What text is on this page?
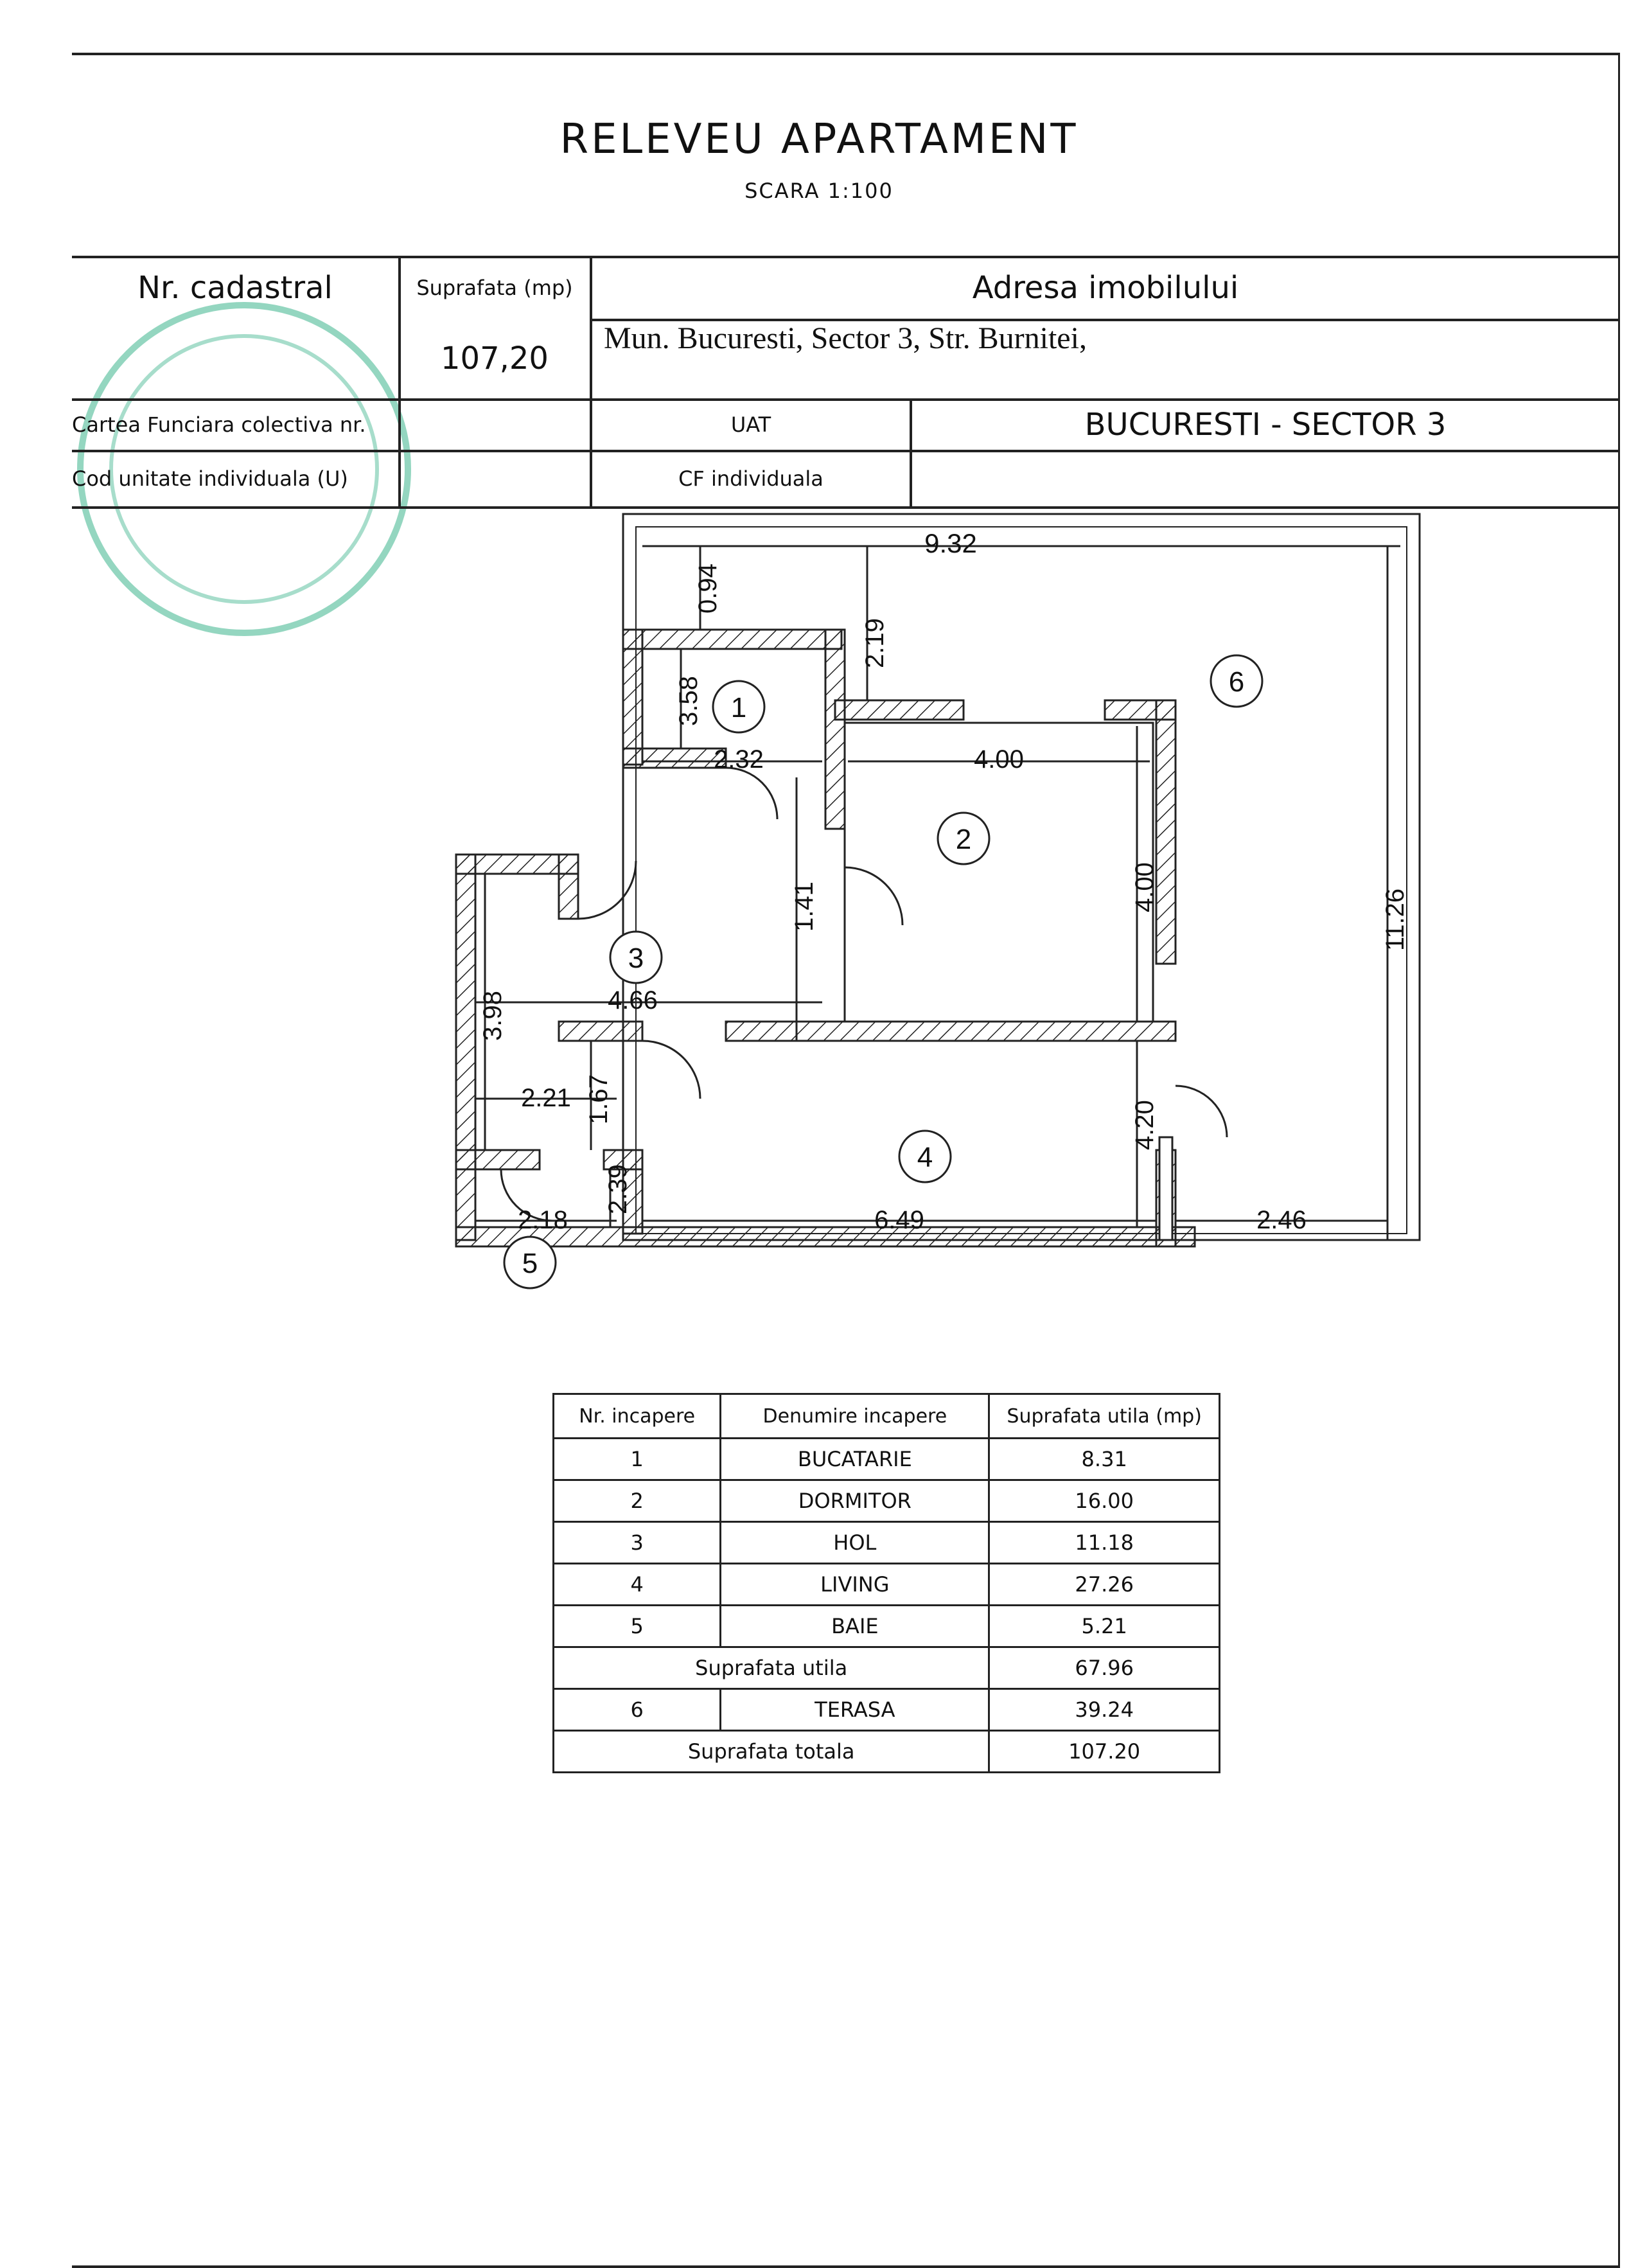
RELEVEU APARTAMENT
SCARA 1:100
Nr. cadastral	Suprafata (mp)
107,20
Adresa imobilului
Mun. Bucuresti, Sector 3, Str. Burnitei,
Cartea Funciara colectiva nr.	UAT	BUCURESTI - SECTOR 3
Cod unitate individuala (U)	CF individuala
1
2
3
4
5
6
9.32
0.94
2.19
3.58
2.32	4.00
4.00
11.26
1.41
4.66
3.98
1.67
2.21
4.20
2.39
2.18	6.49	2.46
Nr. incapere	Denumire incapere	Suprafata utila (mp)
1	BUCATARIE	8.31
2	DORMITOR	16.00
3	HOL	11.18
4	LIVING	27.26
5	BAIE	5.21
Suprafata utila		67.96
6	TERASA	39.24
Suprafata totala		107.20
